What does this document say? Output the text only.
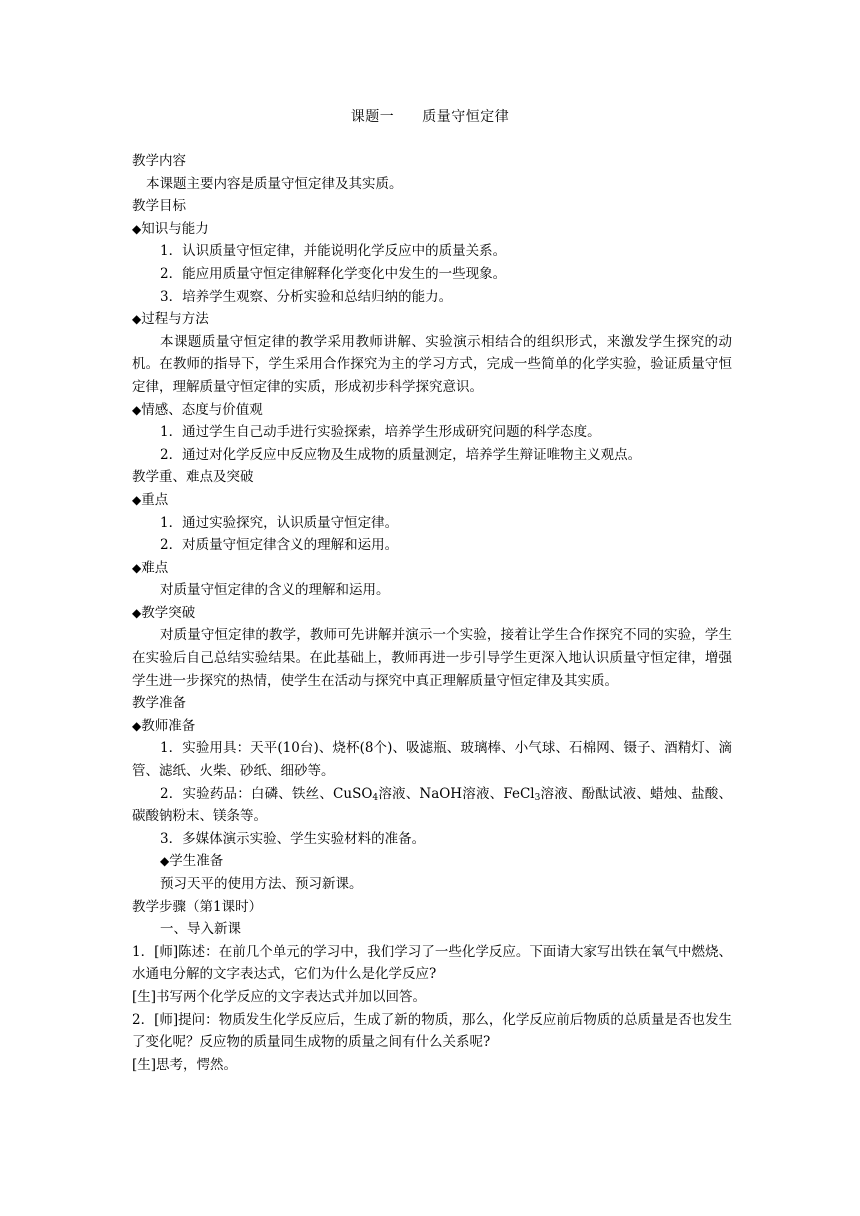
课题一 质量守恒定律

教学内容

本课题主要内容是质量守恒定律及其实质。

教学目标

◆知识与能力

1．认识质量守恒定律，并能说明化学反应中的质量关系。

2．能应用质量守恒定律解释化学变化中发生的一些现象。

3．培养学生观察、分析实验和总结归纳的能力。

◆过程与方法

本课题质量守恒定律的教学采用教师讲解、实验演示相结合的组织形式，来激发学生探究的动机。在教师的指导下，学生采用合作探究为主的学习方式，完成一些简单的化学实验，验证质量守恒定律，理解质量守恒定律的实质，形成初步科学探究意识。

◆情感、态度与价值观

1．通过学生自己动手进行实验探索，培养学生形成研究问题的科学态度。

2．通过对化学反应中反应物及生成物的质量测定，培养学生辩证唯物主义观点。

教学重、难点及突破

◆重点

1．通过实验探究，认识质量守恒定律。

2．对质量守恒定律含义的理解和运用。

◆难点

对质量守恒定律的含义的理解和运用。

◆教学突破

对质量守恒定律的教学，教师可先讲解并演示一个实验，接着让学生合作探究不同的实验，学生在实验后自己总结实验结果。在此基础上，教师再进一步引导学生更深入地认识质量守恒定律，增强学生进一步探究的热情，使学生在活动与探究中真正理解质量守恒定律及其实质。

教学准备

◆教师准备

1．实验用具：天平(10台)、烧杯(8个)、吸滤瓶、玻璃棒、小气球、石棉网、镊子、酒精灯、滴管、滤纸、火柴、砂纸、细砂等。

2．实验药品：白磷、铁丝、CuSO$_4$溶液、NaOH溶液、FeCl$_3$溶液、酚酞试液、蜡烛、盐酸、碳酸钠粉末、镁条等。

3．多媒体演示实验、学生实验材料的准备。

◆学生准备

预习天平的使用方法、预习新课。

教学步骤（第1课时）

一、导入新课

1．[师]陈述：在前几个单元的学习中，我们学习了一些化学反应。下面请大家写出铁在氧气中燃烧、水通电分解的文字表达式，它们为什么是化学反应?

[生]书写两个化学反应的文字表达式并加以回答。

2．[师]提问：物质发生化学反应后，生成了新的物质，那么，化学反应前后物质的总质量是否也发生了变化呢？反应物的质量同生成物的质量之间有什么关系呢?

[生]思考，愕然。
